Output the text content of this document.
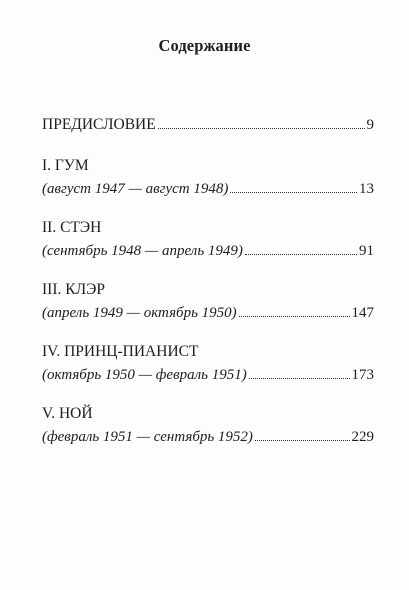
Содержание
ПРЕДИСЛОВИЕ	9
I. ГУМ
(август 1947 — август 1948)	13
II. СТЭН
(сентябрь 1948 — апрель 1949)	91
III. КЛЭР
(апрель 1949 — октябрь 1950)	147
IV. ПРИНЦ-ПИАНИСТ
(октябрь 1950 — февраль 1951)	173
V. НОЙ
(февраль 1951 — сентябрь 1952)	229
